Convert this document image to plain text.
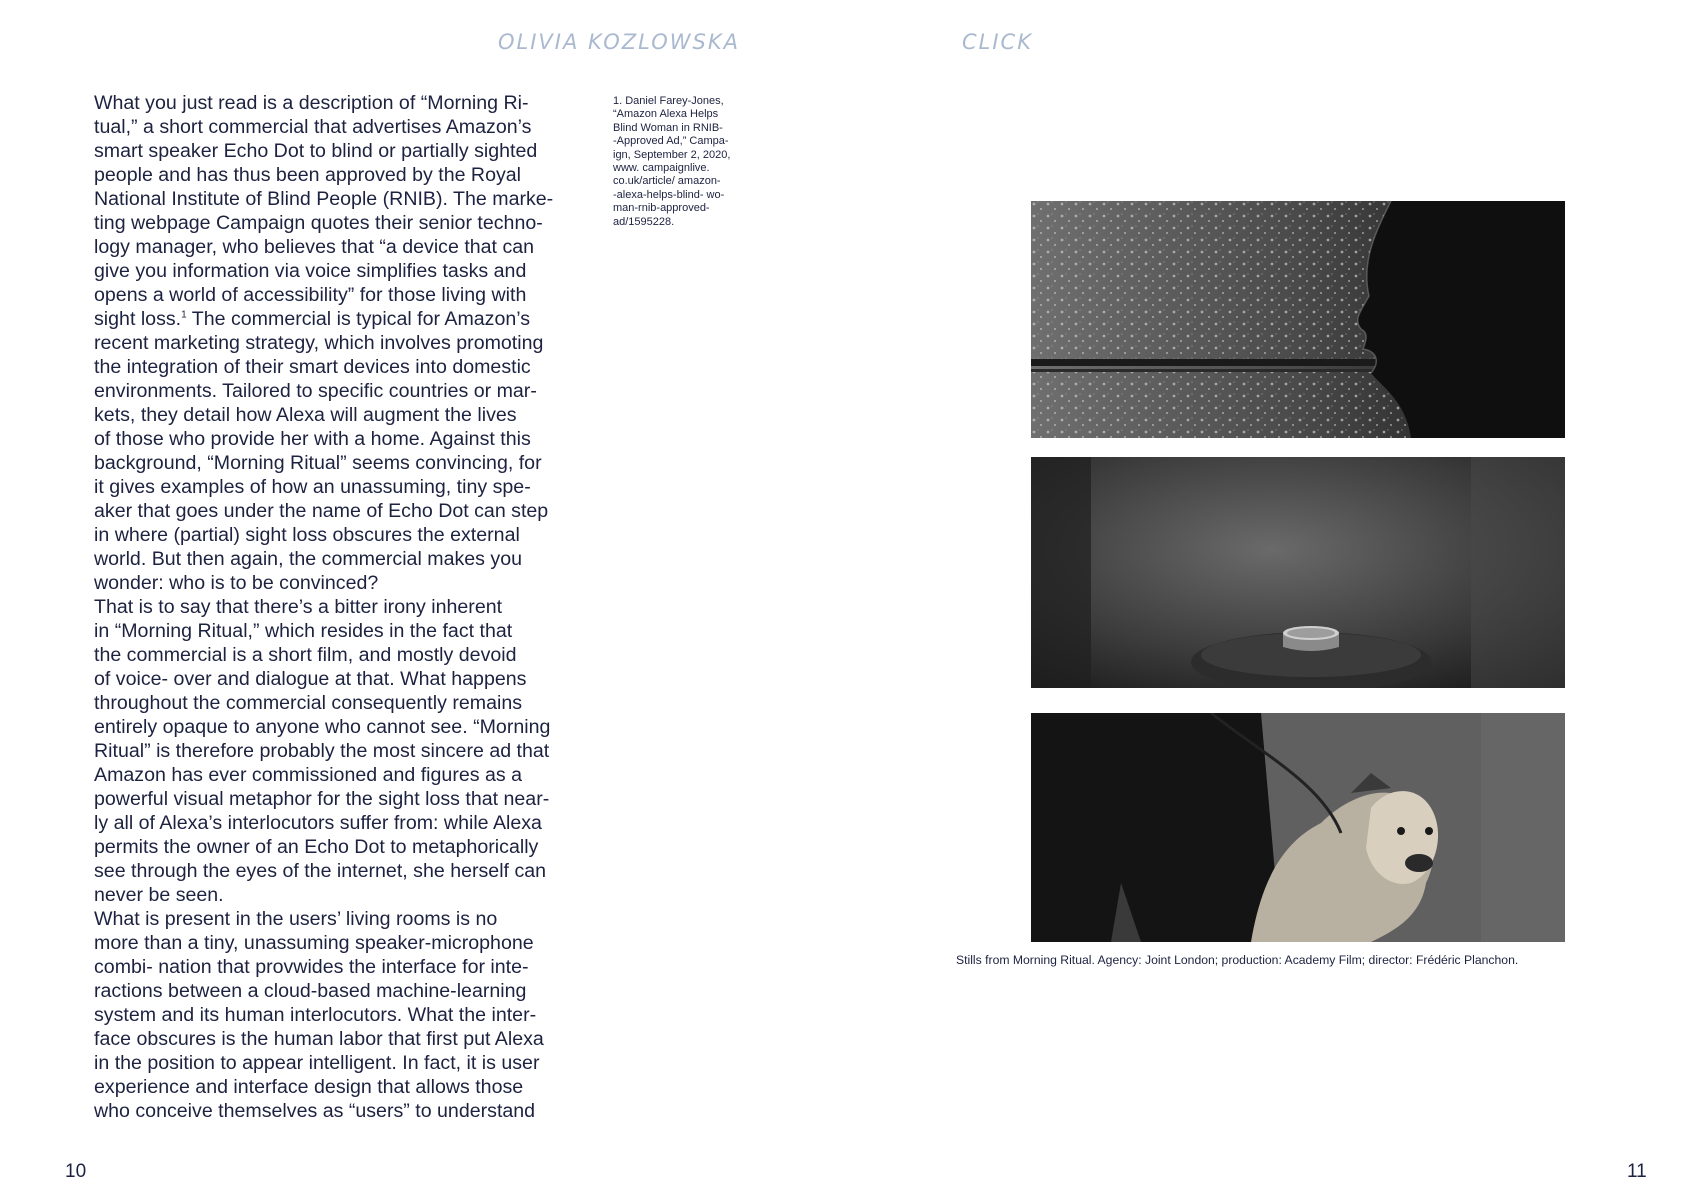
OLIVIA KOZLOWSKA	CLICK
What you just read is a description of “Morning Ri-
tual,” a short commercial that advertises Amazon’s
smart speaker Echo Dot to blind or partially sighted
people and has thus been approved by the Royal
National Institute of Blind People (RNIB). The marke-
ting webpage Campaign quotes their senior techno-
logy manager, who believes that “a device that can
give you information via voice simplifies tasks and
opens a world of accessibility” for those living with
sight loss.$^1$ The commercial is typical for Amazon’s
recent marketing strategy, which involves promoting
the integration of their smart devices into domestic
environments. Tailored to specific countries or mar-
kets, they detail how Alexa will augment the lives
of those who provide her with a home. Against this
background, “Morning Ritual” seems convincing, for
it gives examples of how an unassuming, tiny spe-
aker that goes under the name of Echo Dot can step
in where (partial) sight loss obscures the external
world. But then again, the commercial makes you
wonder: who is to be convinced?
That is to say that there’s a bitter irony inherent
in “Morning Ritual,” which resides in the fact that
the commercial is a short film, and mostly devoid
of voice- over and dialogue at that. What happens
throughout the commercial consequently remains
entirely opaque to anyone who cannot see. “Morning
Ritual” is therefore probably the most sincere ad that
Amazon has ever commissioned and figures as a
powerful visual metaphor for the sight loss that near-
ly all of Alexa’s interlocutors suffer from: while Alexa
permits the owner of an Echo Dot to metaphorically
see through the eyes of the internet, she herself can
never be seen.
What is present in the users’ living rooms is no
more than a tiny, unassuming speaker-microphone
combi- nation that provwides the interface for inte-
ractions between a cloud-based machine-learning
system and its human interlocutors. What the inter-
face obscures is the human labor that first put Alexa
in the position to appear intelligent. In fact, it is user
experience and interface design that allows those
who conceive themselves as “users” to understand
1. Daniel Farey-Jones,
“Amazon Alexa Helps
Blind Woman in RNIB-
-Approved Ad,” Campa-
ign, September 2, 2020,
www. campaignlive.
co.uk/article/ amazon-
-alexa-helps-blind- wo-
man-rnib-approved-
ad/1595228.
Stills from Morning Ritual. Agency: Joint London; production: Academy Film; director: Frédéric Planchon.
10	11
